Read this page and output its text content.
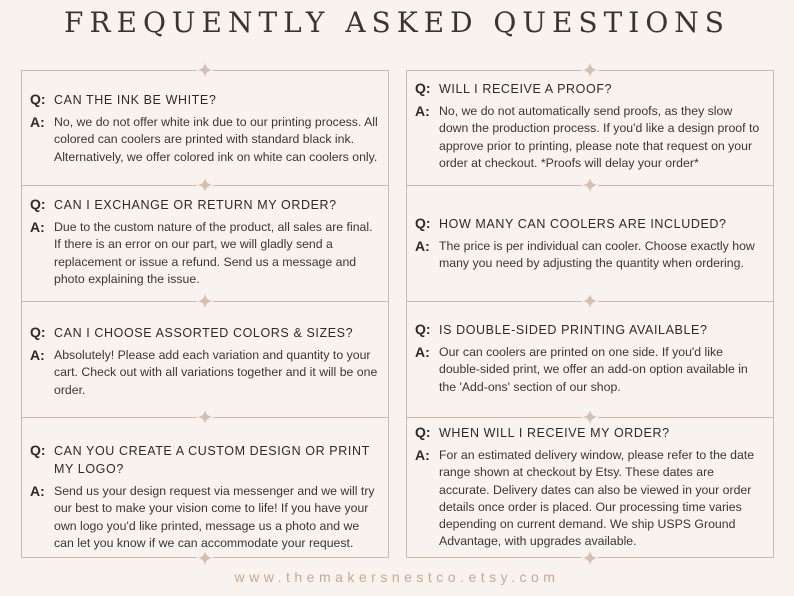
FREQUENTLY ASKED QUESTIONS
Q: CAN THE INK BE WHITE?
A: No, we do not offer white ink due to our printing process. All colored can coolers are printed with standard black ink. Alternatively, we offer colored ink on white can coolers only.
Q: CAN I EXCHANGE OR RETURN MY ORDER?
A: Due to the custom nature of the product, all sales are final. If there is an error on our part, we will gladly send a replacement or issue a refund. Send us a message and photo explaining the issue.
Q: CAN I CHOOSE ASSORTED COLORS & SIZES?
A: Absolutely! Please add each variation and quantity to your cart. Check out with all variations together and it will be one order.
Q: CAN YOU CREATE A CUSTOM DESIGN OR PRINT MY LOGO?
A: Send us your design request via messenger and we will try our best to make your vision come to life! If you have your own logo you'd like printed, message us a photo and we can let you know if we can accommodate your request.
Q: WILL I RECEIVE A PROOF?
A: No, we do not automatically send proofs, as they slow down the production process. If you'd like a design proof to approve prior to printing, please note that request on your order at checkout. *Proofs will delay your order*
Q: HOW MANY CAN COOLERS ARE INCLUDED?
A: The price is per individual can cooler. Choose exactly how many you need by adjusting the quantity when ordering.
Q: IS DOUBLE-SIDED PRINTING AVAILABLE?
A: Our can coolers are printed on one side. If you'd like double-sided print, we offer an add-on option available in the 'Add-ons' section of our shop.
Q: WHEN WILL I RECEIVE MY ORDER?
A: For an estimated delivery window, please refer to the date range shown at checkout by Etsy. These dates are accurate. Delivery dates can also be viewed in your order details once order is placed. Our processing time varies depending on current demand. We ship USPS Ground Advantage, with upgrades available.
www.themakersnestco.etsy.com
